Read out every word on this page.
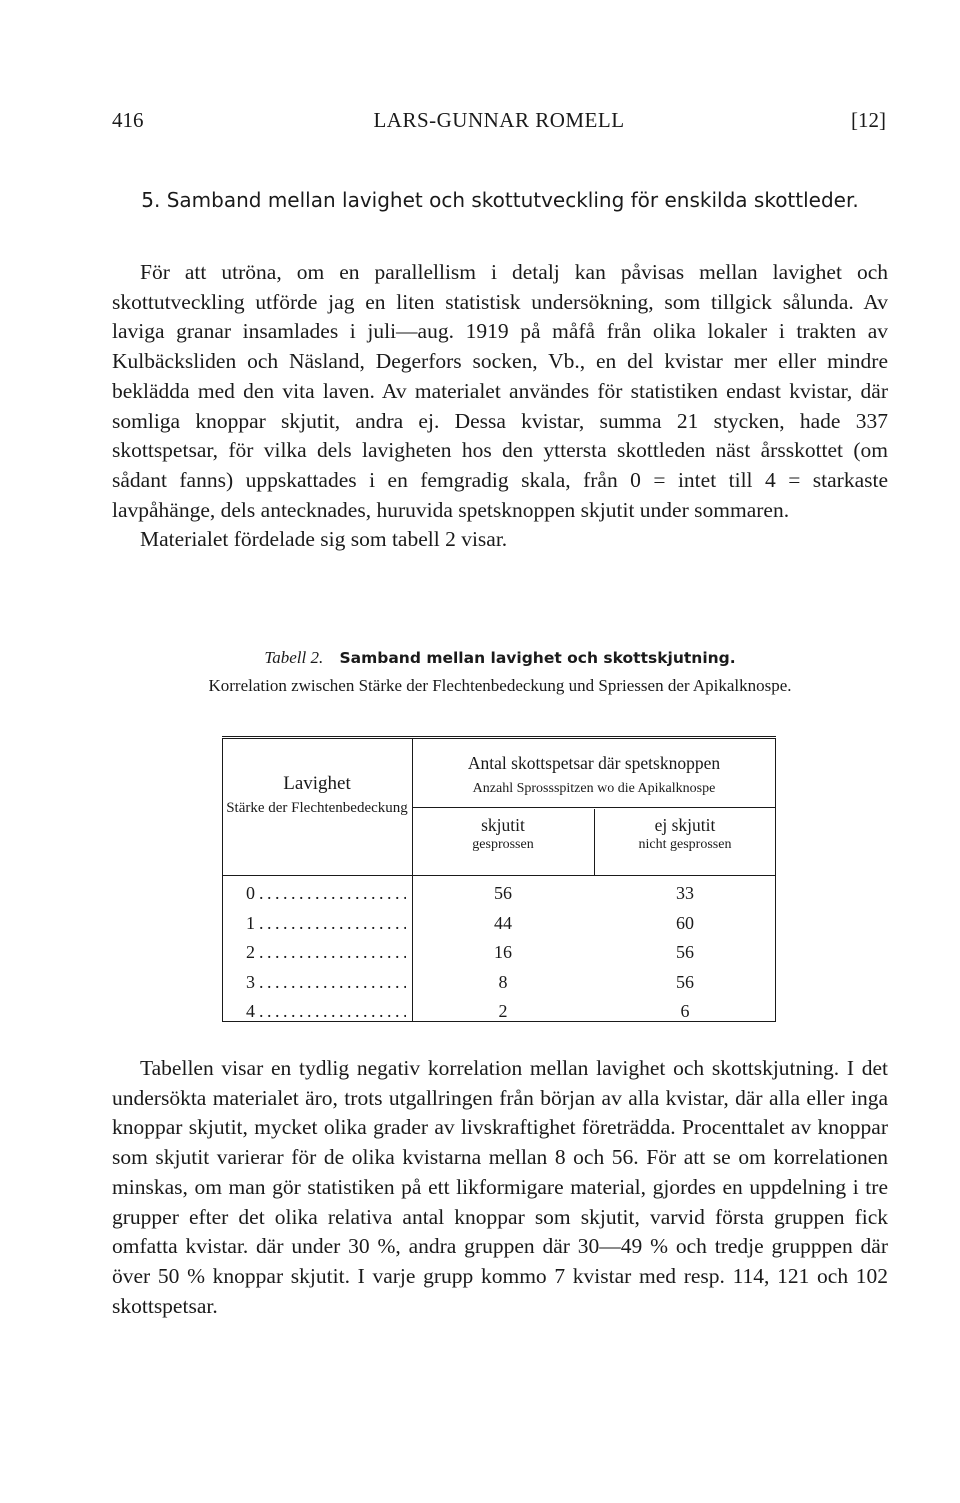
416	LARS-GUNNAR ROMELL	[12]
5. Samband mellan lavighet och skottutveckling för enskilda skottleder.
För att utröna, om en parallellism i detalj kan påvisas mellan lavighet och skottutveckling utförde jag en liten statistisk undersökning, som tillgick sålunda. Av laviga granar insamlades i juli—aug. 1919 på måfå från olika lokaler i trakten av Kulbäcksliden och Näsland, Degerfors socken, Vb., en del kvistar mer eller mindre beklädda med den vita laven. Av materialet användes för statistiken endast kvistar, där somliga knoppar skjutit, andra ej. Dessa kvistar, summa 21 stycken, hade 337 skottspetsar, för vilka dels lavigheten hos den yttersta skottleden näst årsskottet (om sådant fanns) uppskattades i en femgradig skala, från 0 = intet till 4 = starkaste lavpåhänge, dels antecknades, huruvida spetsknoppen skjutit under sommaren.
Materialet fördelade sig som tabell 2 visar.
Tabell 2. Samband mellan lavighet och skottskjutning.
Korrelation zwischen Stärke der Flechtenbedeckung und Spriessen der Apikalknospe.
Lavighet
Stärke der Flechtenbedeckung
Antal skottspetsar där spetsknoppen
Anzahl Sprossspitzen wo die Apikalknospe
skjutit
gesprossen
ej skjutit
nicht gesprossen
0 . . .	56	33
1 . . .	44	60
2 . . .	16	56
3 . . .	8	56
4 . . .	2	6
Tabellen visar en tydlig negativ korrelation mellan lavighet och skottskjutning. I det undersökta materialet äro, trots utgallringen från början av alla kvistar, där alla eller inga knoppar skjutit, mycket olika grader av livskraftighet företrädda. Procenttalet av knoppar som skjutit varierar för de olika kvistarna mellan 8 och 56. För att se om korrelationen minskas, om man gör statistiken på ett likformigare material, gjordes en uppdelning i tre grupper efter det olika relativa antal knoppar som skjutit, varvid första gruppen fick omfatta kvistar. där under 30 %, andra gruppen där 30—49 % och tredje grupppen där över 50 % knoppar skjutit. I varje grupp kommo 7 kvistar med resp. 114, 121 och 102 skottspetsar.
